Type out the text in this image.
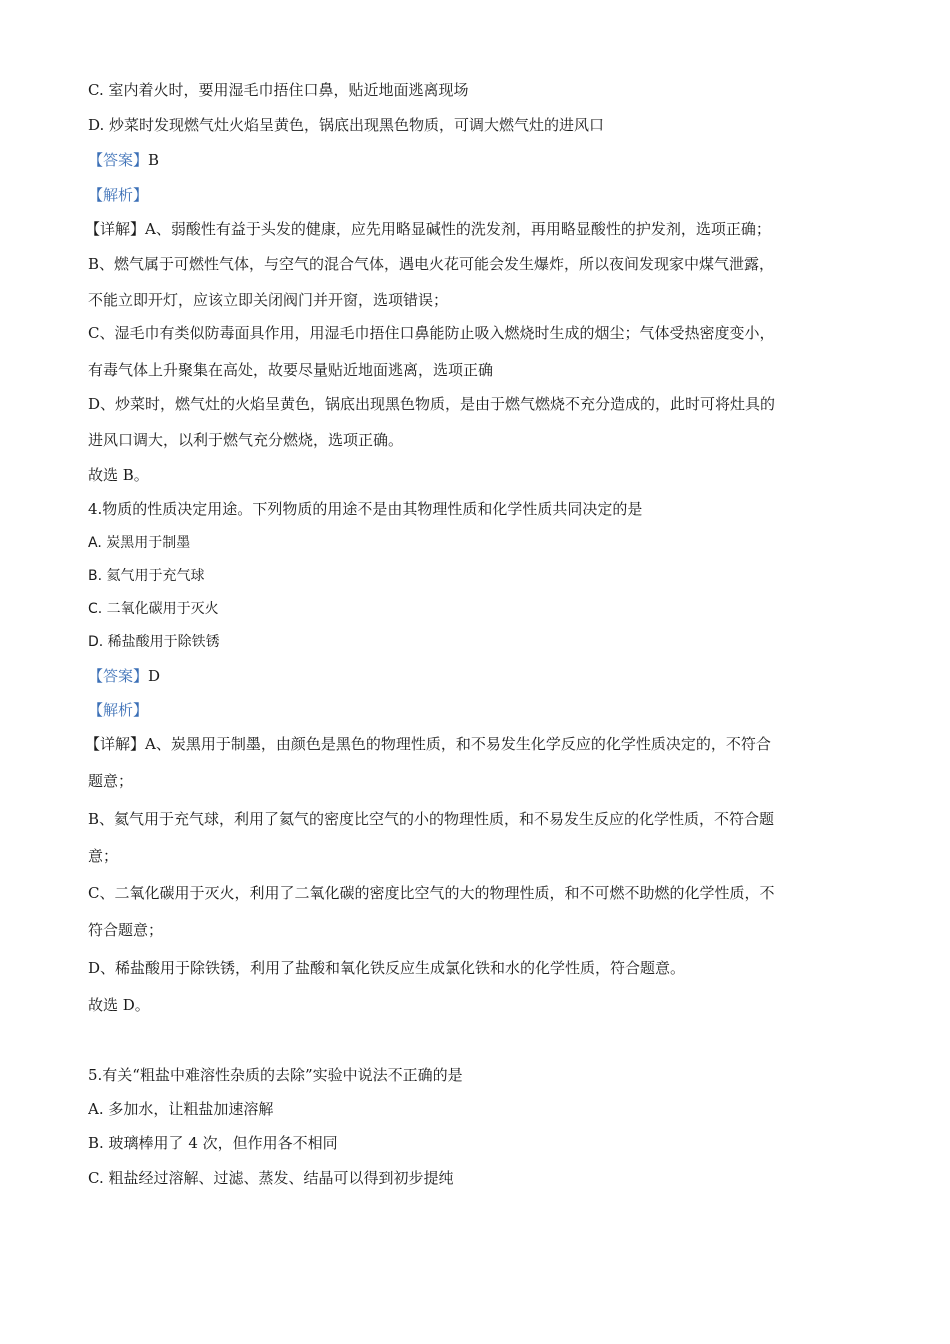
C. 室内着火时，要用湿毛巾捂住口鼻，贴近地面逃离现场
D. 炒菜时发现燃气灶火焰呈黄色，锅底出现黑色物质，可调大燃气灶的进风口
【答案】B
【解析】
【详解】A、弱酸性有益于头发的健康，应先用略显碱性的洗发剂，再用略显酸性的护发剂，选项正确；
B、燃气属于可燃性气体，与空气的混合气体，遇电火花可能会发生爆炸，所以夜间发现家中煤气泄露，
不能立即开灯，应该立即关闭阀门并开窗，选项错误；
C、湿毛巾有类似防毒面具作用，用湿毛巾捂住口鼻能防止吸入燃烧时生成的烟尘；气体受热密度变小，
有毒气体上升聚集在高处，故要尽量贴近地面逃离，选项正确
D、炒菜时，燃气灶的火焰呈黄色，锅底出现黑色物质，是由于燃气燃烧不充分造成的，此时可将灶具的
进风口调大，以利于燃气充分燃烧，选项正确。
故选 B。
4.物质的性质决定用途。下列物质的用途不是由其物理性质和化学性质共同决定的是
A. 炭黑用于制墨
B. 氦气用于充气球
C. 二氧化碳用于灭火
D. 稀盐酸用于除铁锈
【答案】D
【解析】
【详解】A、炭黑用于制墨，由颜色是黑色的物理性质，和不易发生化学反应的化学性质决定的，不符合
题意；
B、氦气用于充气球，利用了氦气的密度比空气的小的物理性质，和不易发生反应的化学性质，不符合题
意；
C、二氧化碳用于灭火，利用了二氧化碳的密度比空气的大的物理性质，和不可燃不助燃的化学性质，不
符合题意；
D、稀盐酸用于除铁锈，利用了盐酸和氧化铁反应生成氯化铁和水的化学性质，符合题意。
故选 D。
5.有关“粗盐中难溶性杂质的去除”实验中说法不正确的是
A. 多加水，让粗盐加速溶解
B. 玻璃棒用了 4 次，但作用各不相同
C. 粗盐经过溶解、过滤、蒸发、结晶可以得到初步提纯
